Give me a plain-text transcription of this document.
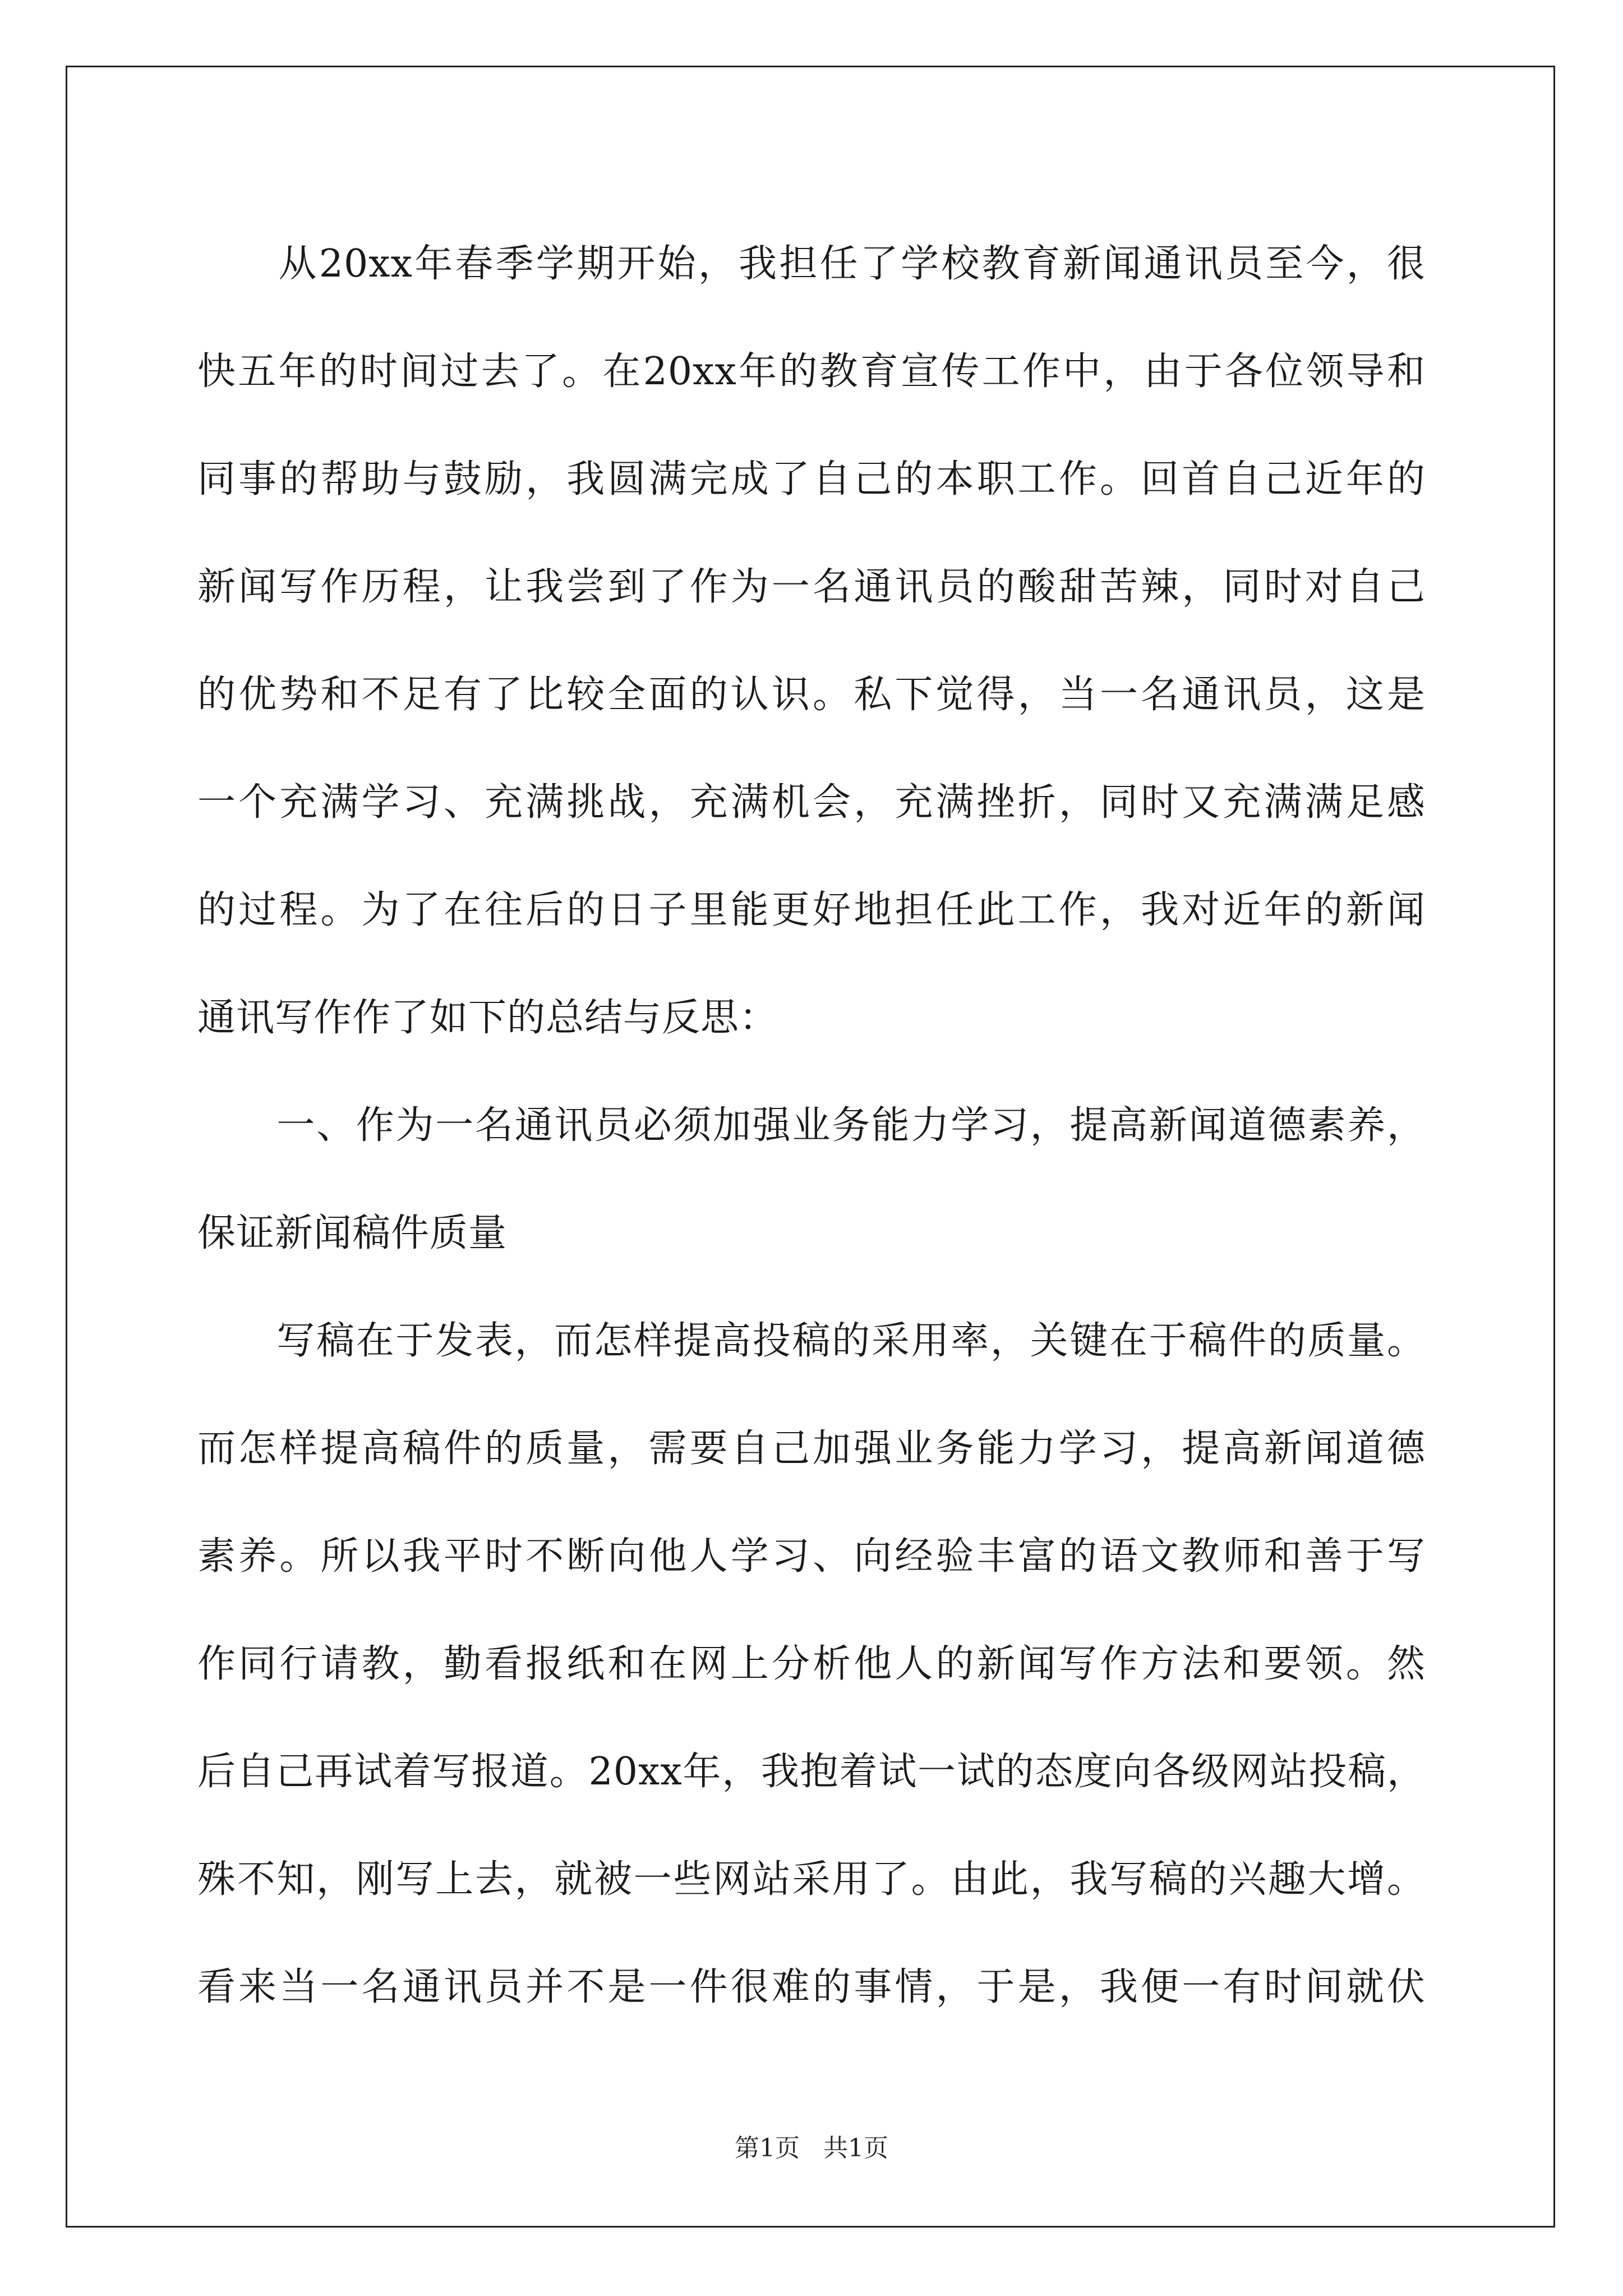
　　从20xx年春季学期开始，我担任了学校教育新闻通讯员至今，很
快五年的时间过去了。在20xx年的教育宣传工作中，由于各位领导和
同事的帮助与鼓励，我圆满完成了自己的本职工作。回首自己近年的
新闻写作历程，让我尝到了作为一名通讯员的酸甜苦辣，同时对自己
的优势和不足有了比较全面的认识。私下觉得，当一名通讯员，这是
一个充满学习、充满挑战，充满机会，充满挫折，同时又充满满足感
的过程。为了在往后的日子里能更好地担任此工作，我对近年的新闻
通讯写作作了如下的总结与反思：
　　一、作为一名通讯员必须加强业务能力学习，提高新闻道德素养，
保证新闻稿件质量
　　写稿在于发表，而怎样提高投稿的采用率，关键在于稿件的质量。
而怎样提高稿件的质量，需要自己加强业务能力学习，提高新闻道德
素养。所以我平时不断向他人学习、向经验丰富的语文教师和善于写
作同行请教，勤看报纸和在网上分析他人的新闻写作方法和要领。然
后自己再试着写报道。20xx年，我抱着试一试的态度向各级网站投稿，
殊不知，刚写上去，就被一些网站采用了。由此，我写稿的兴趣大增。
看来当一名通讯员并不是一件很难的事情，于是，我便一有时间就伏
第1页 共1页
